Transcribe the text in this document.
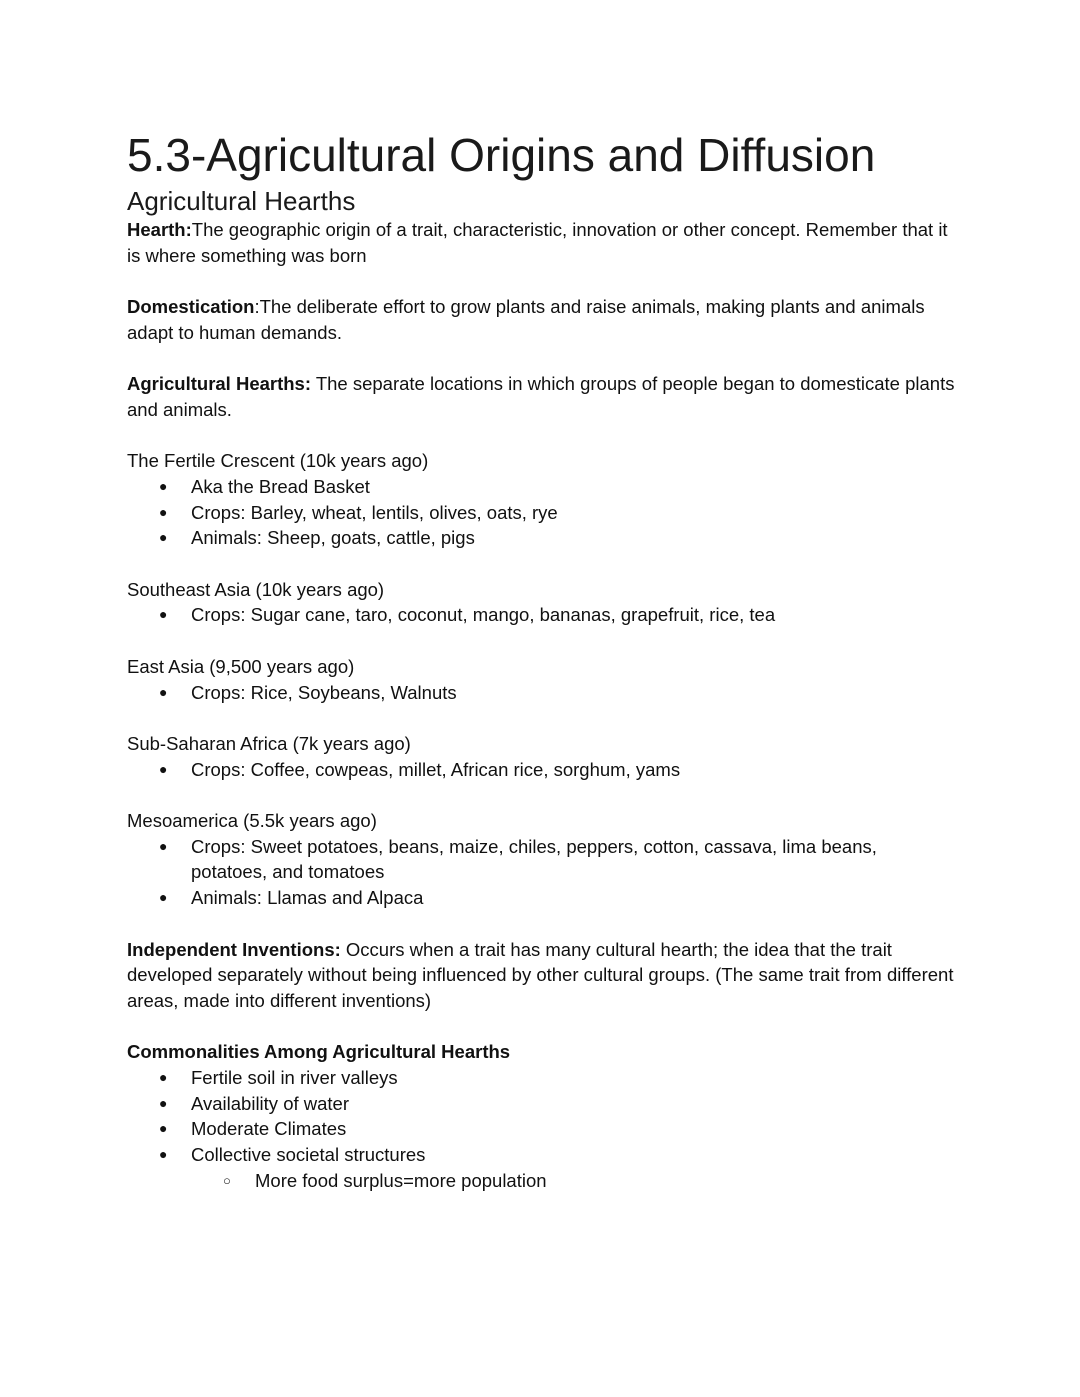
5.3-Agricultural Origins and Diffusion
Agricultural Hearths

Hearth:The geographic origin of a trait, characteristic, innovation or other concept. Remember that it is where something was born

Domestication:The deliberate effort to grow plants and raise animals, making plants and animals adapt to human demands.

Agricultural Hearths: The separate locations in which groups of people began to domesticate plants and animals.

The Fertile Crescent (10k years ago)

●	Aka the Bread Basket
●	Crops: Barley, wheat, lentils, olives, oats, rye
●	Animals: Sheep, goats, cattle, pigs

Southeast Asia (10k years ago)

●	Crops: Sugar cane, taro, coconut, mango, bananas, grapefruit, rice, tea

East Asia (9,500 years ago)

●	Crops: Rice, Soybeans, Walnuts

Sub-Saharan Africa (7k years ago)

●	Crops: Coffee, cowpeas, millet, African rice, sorghum, yams

Mesoamerica (5.5k years ago)

●	Crops: Sweet potatoes, beans, maize, chiles, peppers, cotton, cassava, lima beans, potatoes, and tomatoes
●	Animals: Llamas and Alpaca

Independent Inventions: Occurs when a trait has many cultural hearth; the idea that the trait developed separately without being influenced by other cultural groups. (The same trait from different areas, made into different inventions)

Commonalities Among Agricultural Hearths

●	Fertile soil in river valleys
●	Availability of water
●	Moderate Climates
●	Collective societal structures
○ More food surplus=more population
